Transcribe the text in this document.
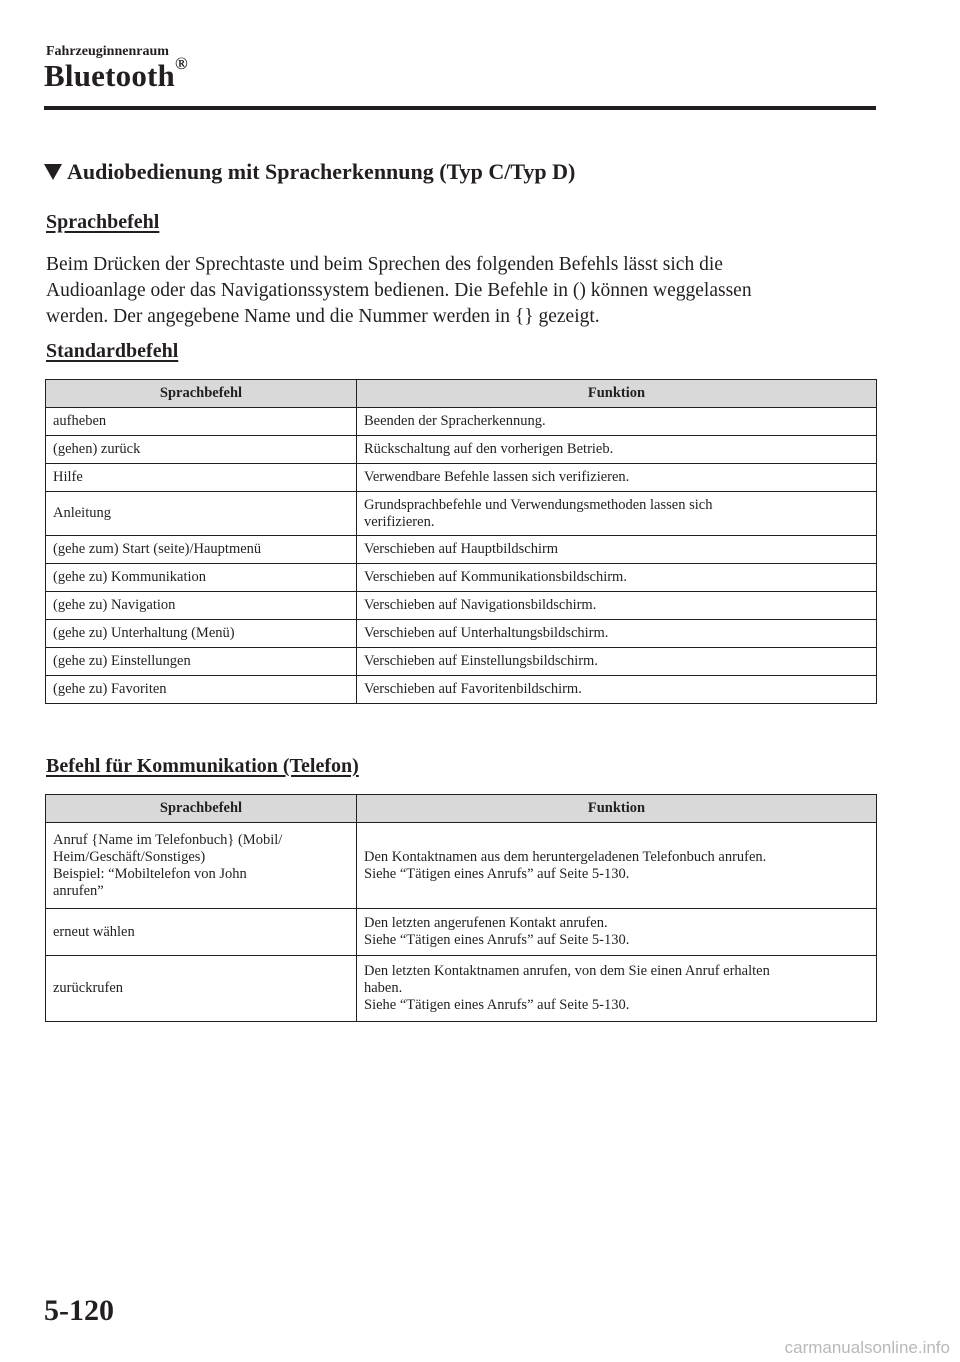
Fahrzeuginnenraum
Bluetooth®
Audiobedienung mit Spracherkennung (Typ C/Typ D)
Sprachbefehl
Beim Drücken der Sprechtaste und beim Sprechen des folgenden Befehls lässt sich die
Audioanlage oder das Navigationssystem bedienen. Die Befehle in () können weggelassen
werden. Der angegebene Name und die Nummer werden in {} gezeigt.
Standardbefehl
Sprachbefehl	Funktion
aufheben	Beenden der Spracherkennung.
(gehen) zurück	Rückschaltung auf den vorherigen Betrieb.
Hilfe	Verwendbare Befehle lassen sich verifizieren.
Anleitung	Grundsprachbefehle und Verwendungsmethoden lassen sich
verifizieren.
(gehe zum) Start (seite)/Hauptmenü	Verschieben auf Hauptbildschirm
(gehe zu) Kommunikation	Verschieben auf Kommunikationsbildschirm.
(gehe zu) Navigation	Verschieben auf Navigationsbildschirm.
(gehe zu) Unterhaltung (Menü)	Verschieben auf Unterhaltungsbildschirm.
(gehe zu) Einstellungen	Verschieben auf Einstellungsbildschirm.
(gehe zu) Favoriten	Verschieben auf Favoritenbildschirm.
Befehl für Kommunikation (Telefon)
Sprachbefehl	Funktion
Anruf {Name im Telefonbuch} (Mobil/
Heim/Geschäft/Sonstiges)
Beispiel: “Mobiltelefon von John
anrufen”	Den Kontaktnamen aus dem heruntergeladenen Telefonbuch anrufen.
Siehe “Tätigen eines Anrufs” auf Seite 5-130.
erneut wählen	Den letzten angerufenen Kontakt anrufen.
Siehe “Tätigen eines Anrufs” auf Seite 5-130.
zurückrufen	Den letzten Kontaktnamen anrufen, von dem Sie einen Anruf erhalten
haben.
Siehe “Tätigen eines Anrufs” auf Seite 5-130.
5-120
carmanualsonline.info
